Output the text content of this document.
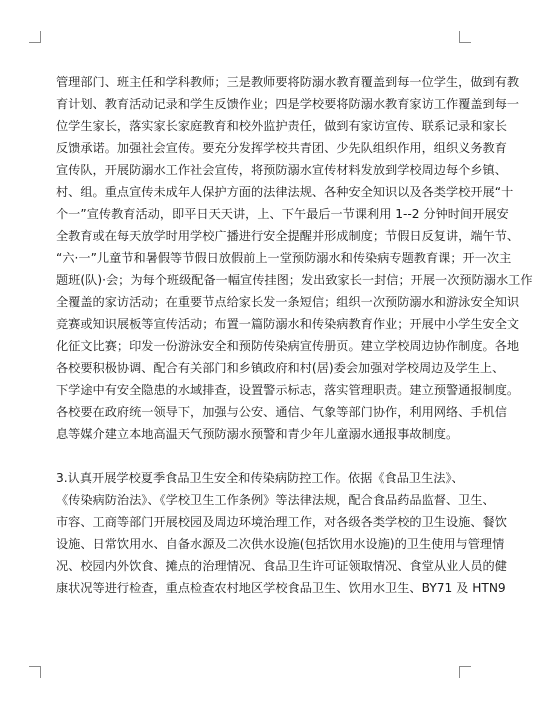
管理部门、班主任和学科教师；三是教师要将防溺水教育覆盖到每一位学生，做到有教
育计划、教育活动记录和学生反馈作业；四是学校要将防溺水教育家访工作覆盖到每一
位学生家长，落实家长家庭教育和校外监护责任，做到有家访宣传、联系记录和家长
反馈承诺。加强社会宣传。要充分发挥学校共青团、少先队组织作用，组织义务教育
宣传队，开展防溺水工作社会宣传，将预防溺水宣传材料发放到学校周边每个乡镇、
村、组。重点宣传未成年人保护方面的法律法规、各种安全知识以及各类学校开展“十
个一”宣传教育活动，即平日天天讲，上、下午最后一节课利用 1--2 分钟时间开展安
全教育或在每天放学时用学校广播进行安全提醒并形成制度；节假日反复讲，端午节、
“六·一”儿童节和暑假等节假日放假前上一堂预防溺水和传染病专题教育课；开一次主
题班(队)·会；为每个班级配备一幅宣传挂图；发出致家长一封信；开展一次预防溺水工作
全覆盖的家访活动；在重要节点给家长发一条短信；组织一次预防溺水和游泳安全知识
竞赛或知识展板等宣传活动；布置一篇防溺水和传染病教育作业；开展中小学生安全文
化征文比赛；印发一份游泳安全和预防传染病宣传册页。建立学校周边协作制度。各地
各校要积极协调、配合有关部门和乡镇政府和村(居)委会加强对学校周边及学生上、
下学途中有安全隐患的水域排查，设置警示标志，落实管理职责。建立预警通报制度。
各校要在政府统一领导下，加强与公安、通信、气象等部门协作，利用网络、手机信
息等媒介建立本地高温天气预防溺水预警和青少年儿童溺水通报事故制度。
3.认真开展学校夏季食品卫生安全和传染病防控工作。依据《食品卫生法》、
《传染病防治法》、《学校卫生工作条例》等法律法规，配合食品药品监督、卫生、
市容、工商等部门开展校园及周边环境治理工作，对各级各类学校的卫生设施、餐饮
设施、日常饮用水、自备水源及二次供水设施(包括饮用水设施)的卫生使用与管理情
况、校园内外饮食、摊点的治理情况、食品卫生许可证领取情况、食堂从业人员的健
康状况等进行检查，重点检查农村地区学校食品卫生、饮用水卫生、BY71 及 HTN9
